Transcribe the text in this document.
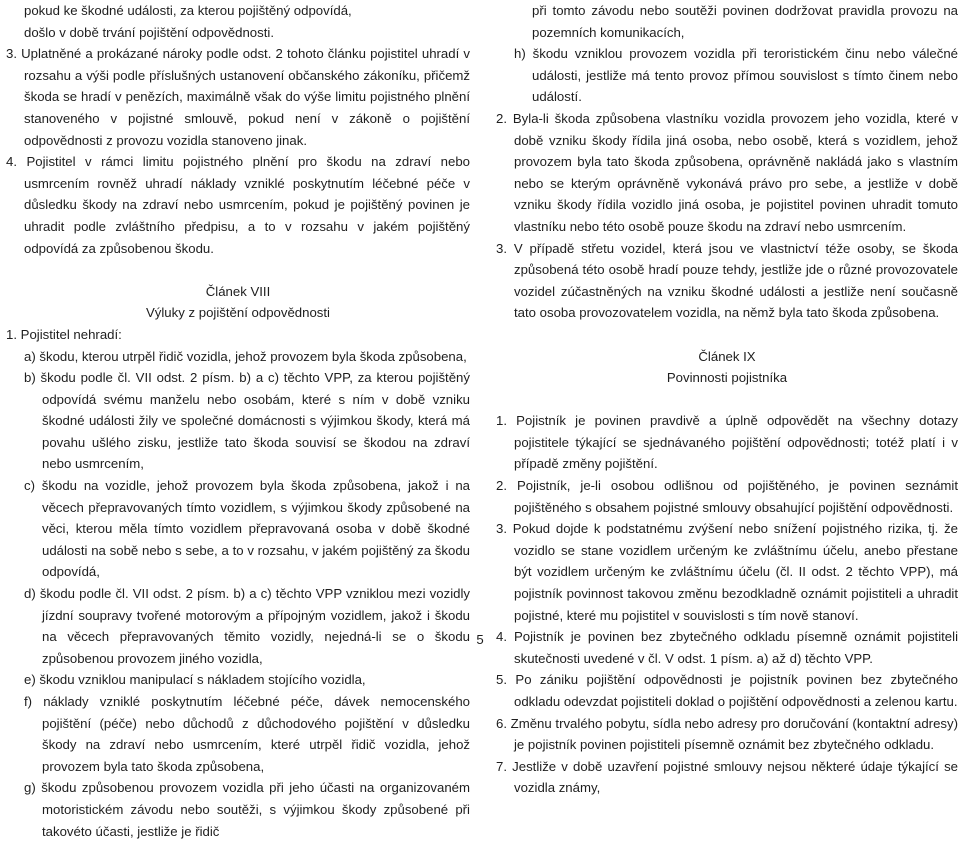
pokud ke škodné události, za kterou pojištěný odpovídá,

došlo v době trvání pojištění odpovědnosti.

3. Uplatněné a prokázané nároky podle odst. 2 tohoto článku pojistitel uhradí v rozsahu a výši podle příslušných ustanovení občanského zákoníku, přičemž škoda se hradí v penězích, maximálně však do výše limitu pojistného plnění stanoveného v pojistné smlouvě, pokud není v zákoně o pojištění odpovědnosti z provozu vozidla stanoveno jinak.

4. Pojistitel v rámci limitu pojistného plnění pro škodu na zdraví nebo usmrcením rovněž uhradí náklady vzniklé poskytnutím léčebné péče v důsledku škody na zdraví nebo usmrcením, pokud je pojištěný povinen je uhradit podle zvláštního předpisu, a to v rozsahu v jakém pojištěný odpovídá za způsobenou škodu.

Článek VIII

Výluky z pojištění odpovědnosti

1. Pojistitel nehradí:

a) škodu, kterou utrpěl řidič vozidla, jehož provozem byla škoda způsobena,

b) škodu podle čl. VII odst. 2 písm. b) a c) těchto VPP, za kterou pojištěný odpovídá svému manželu nebo osobám, které s ním v době vzniku škodné události žily ve společné domácnosti s výjimkou škody, která má povahu ušlého zisku, jestliže tato škoda souvisí se škodou na zdraví nebo usmrcením,

c) škodu na vozidle, jehož provozem byla škoda způsobena, jakož i na věcech přepravovaných tímto vozidlem, s výjimkou škody způsobené na věci, kterou měla tímto vozidlem přepravovaná osoba v době škodné události na sobě nebo s sebe, a to v rozsahu, v jakém pojištěný za škodu odpovídá,

d) škodu podle čl. VII odst. 2 písm. b) a c) těchto VPP vzniklou mezi vozidly jízdní soupravy tvořené motorovým a přípojným vozidlem, jakož i škodu na věcech přepravovaných těmito vozidly, nejedná-li se o škodu způsobenou provozem jiného vozidla,

e) škodu vzniklou manipulací s nákladem stojícího vozidla,

f) náklady vzniklé poskytnutím léčebné péče, dávek nemocenského pojištění (péče) nebo důchodů z důchodového pojištění v důsledku škody na zdraví nebo usmrcením, které utrpěl řidič vozidla, jehož provozem byla tato škoda způsobena,

g) škodu způsobenou provozem vozidla při jeho účasti na organizovaném motoristickém závodu nebo soutěži, s výjimkou škody způsobené při takovéto účasti, jestliže je řidič

při tomto závodu nebo soutěži povinen dodržovat pravidla provozu na pozemních komunikacích,

h) škodu vzniklou provozem vozidla při teroristickém činu nebo válečné události, jestliže má tento provoz přímou souvislost s tímto činem nebo událostí.

2. Byla-li škoda způsobena vlastníku vozidla provozem jeho vozidla, které v době vzniku škody řídila jiná osoba, nebo osobě, která s vozidlem, jehož provozem byla tato škoda způsobena, oprávněně nakládá jako s vlastním nebo se kterým oprávněně vykonává právo pro sebe, a jestliže v době vzniku škody řídila vozidlo jiná osoba, je pojistitel povinen uhradit tomuto vlastníku nebo této osobě pouze škodu na zdraví nebo usmrcením.

3. V případě střetu vozidel, která jsou ve vlastnictví téže osoby, se škoda způsobená této osobě hradí pouze tehdy, jestliže jde o různé provozovatele vozidel zúčastněných na vzniku škodné události a jestliže není současně tato osoba provozovatelem vozidla, na němž byla tato škoda způsobena.

Článek IX

Povinnosti pojistníka

1. Pojistník je povinen pravdivě a úplně odpovědět na všechny dotazy pojistitele týkající se sjednávaného pojištění odpovědnosti; totéž platí i v případě změny pojištění.

2. Pojistník, je-li osobou odlišnou od pojištěného, je povinen seznámit pojištěného s obsahem pojistné smlouvy obsahující pojištění odpovědnosti.

3. Pokud dojde k podstatnému zvýšení nebo snížení pojistného rizika, tj. že vozidlo se stane vozidlem určeným ke zvláštnímu účelu, anebo přestane být vozidlem určeným ke zvláštnímu účelu (čl. II odst. 2 těchto VPP), má pojistník povinnost takovou změnu bezodkladně oznámit pojistiteli a uhradit pojistné, které mu pojistitel v souvislosti s tím nově stanoví.

4. Pojistník je povinen bez zbytečného odkladu písemně oznámit pojistiteli skutečnosti uvedené v čl. V odst. 1 písm. a) až d) těchto VPP.

5. Po zániku pojištění odpovědnosti je pojistník povinen bez zbytečného odkladu odevzdat pojistiteli doklad o pojištění odpovědnosti a zelenou kartu.

6. Změnu trvalého pobytu, sídla nebo adresy pro doručování (kontaktní adresy) je pojistník povinen pojistiteli písemně oznámit bez zbytečného odkladu.

7. Jestliže v době uzavření pojistné smlouvy nejsou některé údaje týkající se vozidla známy,

5
